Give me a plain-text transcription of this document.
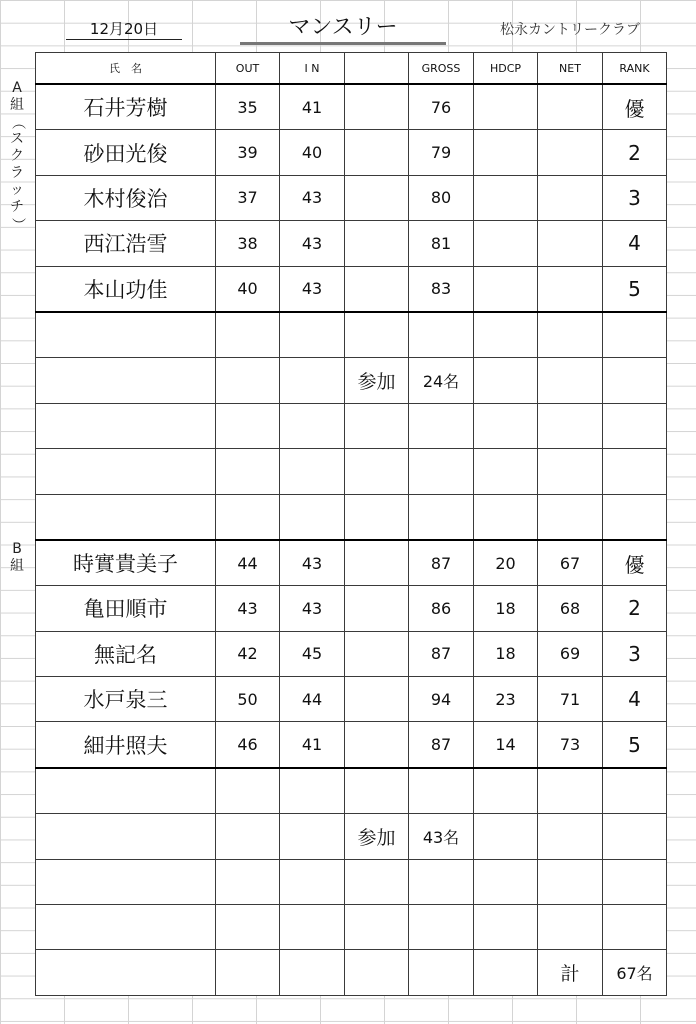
12月20日	マンスリー	松永カントリークラブ
A
組
（
ス
ク
ラ
ッ
チ
）
B
組
氏　名	OUT	I N		GROSS	HDCP	NET	RANK
石井芳樹	35	41		76			優
砂田光俊	39	40		79			2
木村俊治	37	43		80			3
西江浩雪	38	43		81			4
本山功佳	40	43		83			5

			参加	24名			

時實貴美子	44	43		87	20	67	優
亀田順市	43	43		86	18	68	2
無記名	42	45		87	18	69	3
水戸泉三	50	44		94	23	71	4
細井照夫	46	41		87	14	73	5

			参加	43名			

						計	67名
